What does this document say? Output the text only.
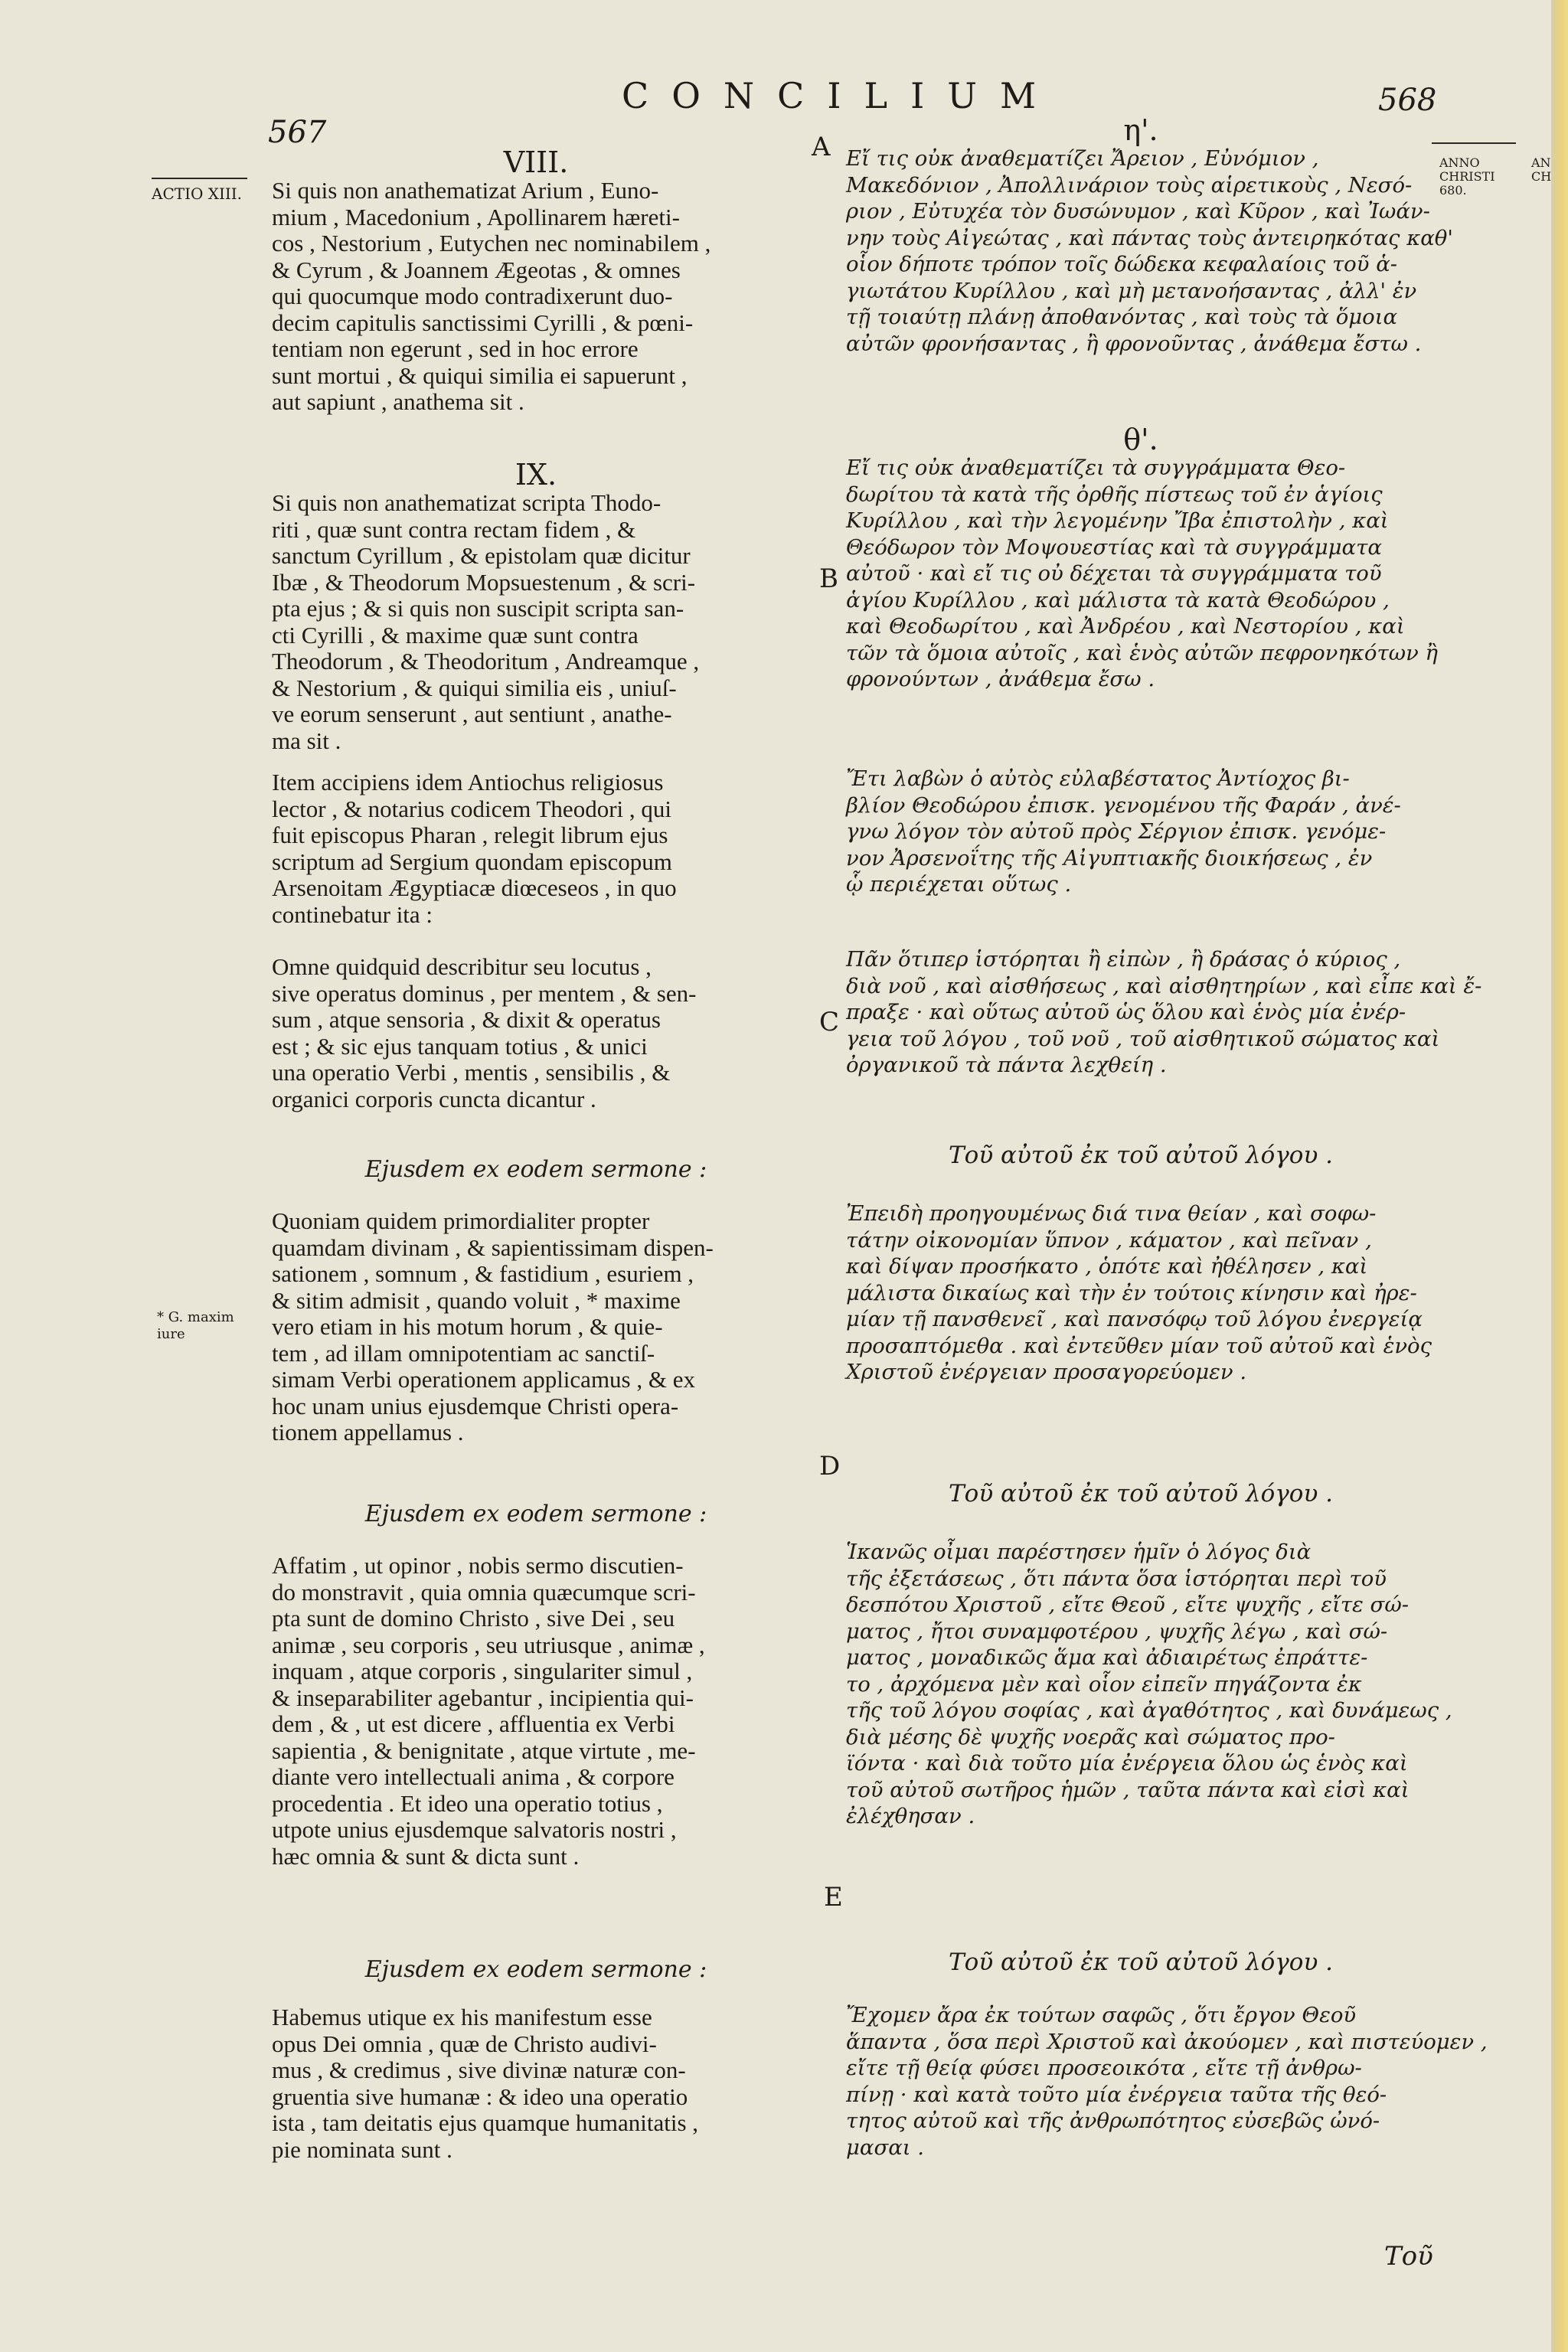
567
CONCILIUM	568
ACTIO XIII.
ANNO
CHRISTI
680.
AN
CH
* G. maxim
iure
A
B
C
D
E
VIII.

Si quis non anathematizat Arium , Euno-
mium , Macedonium , Apollinarem hæreti-
cos , Nestorium , Eutychen nec nominabilem ,
& Cyrum , & Joannem Ægeotas , & omnes
qui quocumque modo contradixerunt duo-
decim capitulis sanctissimi Cyrilli , & pœni-
tentiam non egerunt , sed in hoc errore
sunt mortui , & quiqui similia ei sapuerunt ,
aut sapiunt , anathema sit .

IX.

Si quis non anathematizat scripta Thodo-
riti , quæ sunt contra rectam fidem , &
sanctum Cyrillum , & epistolam quæ dicitur
Ibæ , & Theodorum Mopsuestenum , & scri-
pta ejus ; & si quis non suscipit scripta san-
cti Cyrilli , & maxime quæ sunt contra
Theodorum , & Theodoritum , Andreamque ,
& Nestorium , & quiqui similia eis , uniuſ-
ve eorum senserunt , aut sentiunt , anathe-
ma sit .

Item accipiens idem Antiochus religiosus
lector , & notarius codicem Theodori , qui
fuit episcopus Pharan , relegit librum ejus
scriptum ad Sergium quondam episcopum
Arsenoitam Ægyptiacæ diœceseos , in quo
continebatur ita :

Omne quidquid describitur seu locutus ,
sive operatus dominus , per mentem , & sen-
sum , atque sensoria , & dixit & operatus
est ; & sic ejus tanquam totius , & unici
una operatio Verbi , mentis , sensibilis , &
organici corporis cuncta dicantur .

Ejusdem ex eodem sermone :

Quoniam quidem primordialiter propter
quamdam divinam , & sapientissimam dispen-
sationem , somnum , & fastidium , esuriem ,
& sitim admisit , quando voluit , * maxime
vero etiam in his motum horum , & quie-
tem , ad illam omnipotentiam ac sanctiſ-
simam Verbi operationem applicamus , & ex
hoc unam unius ejusdemque Christi opera-
tionem appellamus .

Ejusdem ex eodem sermone :

Affatim , ut opinor , nobis sermo discutien-
do monstravit , quia omnia quæcumque scri-
pta sunt de domino Christo , sive Dei , seu
animæ , seu corporis , seu utriusque , animæ ,
inquam , atque corporis , singulariter simul ,
& inseparabiliter agebantur , incipientia qui-
dem , & , ut est dicere , affluentia ex Verbi
sapientia , & benignitate , atque virtute , me-
diante vero intellectuali anima , & corpore
procedentia . Et ideo una operatio totius ,
utpote unius ejusdemque salvatoris nostri ,
hæc omnia & sunt & dicta sunt .

Ejusdem ex eodem sermone :

Habemus utique ex his manifestum esse
opus Dei omnia , quæ de Christo audivi-
mus , & credimus , sive divinæ naturæ con-
gruentia sive humanæ : & ideo una operatio
ista , tam deitatis ejus quamque humanitatis ,
pie nominata sunt .

η'.

Εἴ τις οὐκ ἀναθεματίζει Ἄρειον , Εὐνόμιον ,
Μακεδόνιον , Ἀπολλινάριον τοὺς αἱρετικοὺς , Νεσό-
ριον , Εὐτυχέα τὸν δυσώνυμον , καὶ Κῦρον , καὶ Ἰωάν-
νην τοὺς Αἰγεώτας , καὶ πάντας τοὺς ἀντειρηκότας καθ'
οἷον δήποτε τρόπον τοῖς δώδεκα κεφαλαίοις τοῦ ἁ-
γιωτάτου Κυρίλλου , καὶ μὴ μετανοήσαντας , ἀλλ' ἐν
τῇ τοιαύτῃ πλάνῃ ἀποθανόντας , καὶ τοὺς τὰ ὅμοια
αὐτῶν φρονήσαντας , ἢ φρονοῦντας , ἀνάθεμα ἔστω .

θ'.

Εἴ τις οὐκ ἀναθεματίζει τὰ συγγράμματα Θεο-
δωρίτου τὰ κατὰ τῆς ὀρθῆς πίστεως τοῦ ἐν ἁγίοις
Κυρίλλου , καὶ τὴν λεγομένην Ἴβα ἐπιστολὴν , καὶ
Θεόδωρον τὸν Μοψουεστίας καὶ τὰ συγγράμματα
αὐτοῦ · καὶ εἴ τις οὐ δέχεται τὰ συγγράμματα τοῦ
ἁγίου Κυρίλλου , καὶ μάλιστα τὰ κατὰ Θεοδώρου ,
καὶ Θεοδωρίτου , καὶ Ἀνδρέου , καὶ Νεστορίου , καὶ
τῶν τὰ ὅμοια αὐτοῖς , καὶ ἑνὸς αὐτῶν πεφρονηκότων ἢ
φρονούντων , ἀνάθεμα ἔσω .

Ἔτι λαβὼν ὁ αὐτὸς εὐλαβέστατος Ἀντίοχος βι-
βλίον Θεοδώρου ἐπισκ. γενομένου τῆς Φαράν , ἀνέ-
γνω λόγον τὸν αὐτοῦ πρὸς Σέργιον ἐπισκ. γενόμε-
νον Ἀρσενοΐτης τῆς Αἰγυπτιακῆς διοικήσεως , ἐν
ᾧ περιέχεται οὕτως .

Πᾶν ὅτιπερ ἱστόρηται ἢ εἰπὼν , ἢ δράσας ὁ κύριος ,
διὰ νοῦ , καὶ αἰσθήσεως , καὶ αἰσθητηρίων , καὶ εἶπε καὶ ἔ-
πραξε · καὶ οὕτως αὐτοῦ ὡς ὅλου καὶ ἑνὸς μία ἐνέρ-
γεια τοῦ λόγου , τοῦ νοῦ , τοῦ αἰσθητικοῦ σώματος καὶ
ὀργανικοῦ τὰ πάντα λεχθείη .

Τοῦ αὐτοῦ ἐκ τοῦ αὐτοῦ λόγου .

Ἐπειδὴ προηγουμένως διά τινα θείαν , καὶ σοφω-
τάτην οἰκονομίαν ὕπνον , κάματον , καὶ πεῖναν ,
καὶ δίψαν προσήκατο , ὁπότε καὶ ἠθέλησεν , καὶ
μάλιστα δικαίως καὶ τὴν ἐν τούτοις κίνησιν καὶ ἠρε-
μίαν τῇ πανσθενεῖ , καὶ πανσόφῳ τοῦ λόγου ἐνεργείᾳ
προσαπτόμεθα . καὶ ἐντεῦθεν μίαν τοῦ αὐτοῦ καὶ ἑνὸς
Χριστοῦ ἐνέργειαν προσαγορεύομεν .

Τοῦ αὐτοῦ ἐκ τοῦ αὐτοῦ λόγου .

Ἱκανῶς οἶμαι παρέστησεν ἡμῖν ὁ λόγος διὰ
τῆς ἐξετάσεως , ὅτι πάντα ὅσα ἱστόρηται περὶ τοῦ
δεσπότου Χριστοῦ , εἴτε Θεοῦ , εἴτε ψυχῆς , εἴτε σώ-
ματος , ἤτοι συναμφοτέρου , ψυχῆς λέγω , καὶ σώ-
ματος , μοναδικῶς ἅμα καὶ ἀδιαιρέτως ἐπράττε-
το , ἀρχόμενα μὲν καὶ οἷον εἰπεῖν πηγάζοντα ἐκ
τῆς τοῦ λόγου σοφίας , καὶ ἀγαθότητος , καὶ δυνάμεως ,
διὰ μέσης δὲ ψυχῆς νοερᾶς καὶ σώματος προ-
ϊόντα · καὶ διὰ τοῦτο μία ἐνέργεια ὅλου ὡς ἑνὸς καὶ
τοῦ αὐτοῦ σωτῆρος ἡμῶν , ταῦτα πάντα καὶ εἰσὶ καὶ
ἐλέχθησαν .

Τοῦ αὐτοῦ ἐκ τοῦ αὐτοῦ λόγου .

Ἔχομεν ἄρα ἐκ τούτων σαφῶς , ὅτι ἔργον Θεοῦ
ἅπαντα , ὅσα περὶ Χριστοῦ καὶ ἀκούομεν , καὶ πιστεύομεν ,
εἴτε τῇ θείᾳ φύσει προσεοικότα , εἴτε τῇ ἀνθρω-
πίνῃ · καὶ κατὰ τοῦτο μία ἐνέργεια ταῦτα τῆς θεό-
τητος αὐτοῦ καὶ τῆς ἀνθρωπότητος εὐσεβῶς ὠνό-
μασαι .

Τοῦ
